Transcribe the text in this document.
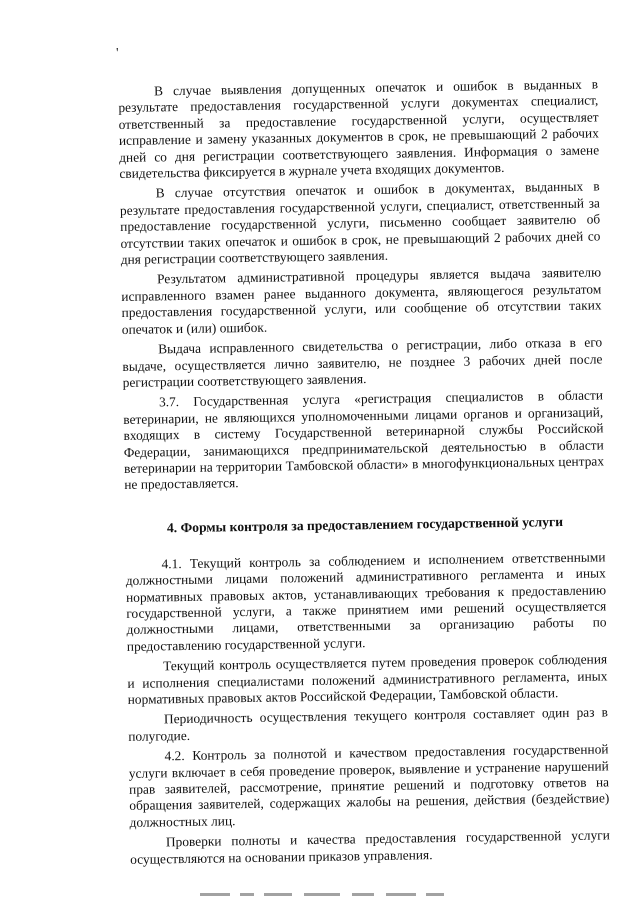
'

В случае выявления допущенных опечаток и ошибок в выданных в результате предоставления государственной услуги документах специалист, ответственный за предоставление государственной услуги, осуществляет исправление и замену указанных документов в срок, не превышающий 2 рабочих дней со дня регистрации соответствующего заявления. Информация о замене свидетельства фиксируется в журнале учета входящих документов.

В случае отсутствия опечаток и ошибок в документах, выданных в результате предоставления государственной услуги, специалист, ответственный за предоставление государственной услуги, письменно сообщает заявителю об отсутствии таких опечаток и ошибок в срок, не превышающий 2 рабочих дней со дня регистрации соответствующего заявления.

Результатом административной процедуры является выдача заявителю исправленного взамен ранее выданного документа, являющегося результатом предоставления государственной услуги, или сообщение об отсутствии таких опечаток и (или) ошибок.

Выдача исправленного свидетельства о регистрации, либо отказа в его выдаче, осуществляется лично заявителю, не позднее 3 рабочих дней после регистрации соответствующего заявления.

3.7. Государственная услуга «регистрация специалистов в области ветеринарии, не являющихся уполномоченными лицами органов и организаций, входящих в систему Государственной ветеринарной службы Российской Федерации, занимающихся предпринимательской деятельностью в области ветеринарии на территории Тамбовской области» в многофункциональных центрах не предоставляется.

4. Формы контроля за предоставлением государственной услуги

4.1. Текущий контроль за соблюдением и исполнением ответственными должностными лицами положений административного регламента и иных нормативных правовых актов, устанавливающих требования к предоставлению государственной услуги, а также принятием ими решений осуществляется должностными лицами, ответственными за организацию работы по предоставлению государственной услуги.

Текущий контроль осуществляется путем проведения проверок соблюдения и исполнения специалистами положений административного регламента, иных нормативных правовых актов Российской Федерации, Тамбовской области.

Периодичность осуществления текущего контроля составляет один раз в полугодие.

4.2. Контроль за полнотой и качеством предоставления государственной услуги включает в себя проведение проверок, выявление и устранение нарушений прав заявителей, рассмотрение, принятие решений и подготовку ответов на обращения заявителей, содержащих жалобы на решения, действия (бездействие) должностных лиц.

Проверки полноты и качества предоставления государственной услуги осуществляются на основании приказов управления.
